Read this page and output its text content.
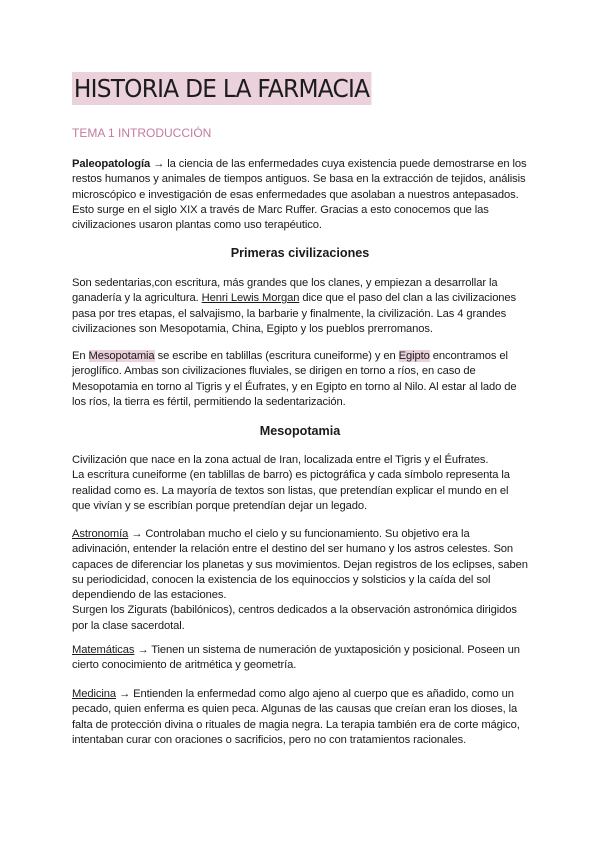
HISTORIA DE LA FARMACIA
TEMA 1 INTRODUCCIÓN

Paleopatología → la ciencia de las enfermedades cuya existencia puede demostrarse en los restos humanos y animales de tiempos antiguos. Se basa en la extracción de tejidos, análisis microscópico e investigación de esas enfermedades que asolaban a nuestros antepasados. Esto surge en el siglo XIX a través de Marc Ruffer. Gracias a esto conocemos que las civilizaciones usaron plantas como uso terapéutico.

Primeras civilizaciones

Son sedentarias,con escritura, más grandes que los clanes, y empiezan a desarrollar la ganadería y la agricultura. Henri Lewis Morgan dice que el paso del clan a las civilizaciones pasa por tres etapas, el salvajismo, la barbarie y finalmente, la civilización. Las 4 grandes civilizaciones son Mesopotamia, China, Egipto y los pueblos prerromanos.

En Mesopotamia se escribe en tablillas (escritura cuneiforme) y en Egipto encontramos el jeroglífico. Ambas son civilizaciones fluviales, se dirigen en torno a ríos, en caso de Mesopotamia en torno al Tigris y el Éufrates, y en Egipto en torno al Nilo. Al estar al lado de los ríos, la tierra es fértil, permitiendo la sedentarización.

Mesopotamia

Civilización que nace en la zona actual de Iran, localizada entre el Tigris y el Éufrates.
La escritura cuneiforme (en tablillas de barro) es pictográfica y cada símbolo representa la realidad como es. La mayoría de textos son listas, que pretendían explicar el mundo en el que vivían y se escribían porque pretendían dejar un legado.

Astronomía → Controlaban mucho el cielo y su funcionamiento. Su objetivo era la adivinación, entender la relación entre el destino del ser humano y los astros celestes. Son capaces de diferenciar los planetas y sus movimientos. Dejan registros de los eclipses, saben su periodicidad, conocen la existencia de los equinoccios y solsticios y la caída del sol dependiendo de las estaciones.
Surgen los Zigurats (babilónicos), centros dedicados a la observación astronómica dirigidos por la clase sacerdotal.

Matemáticas → Tienen un sistema de numeración de yuxtaposición y posicional. Poseen un cierto conocimiento de aritmética y geometría.

Medicina → Entienden la enfermedad como algo ajeno al cuerpo que es añadido, como un pecado, quien enferma es quien peca. Algunas de las causas que creían eran los dioses, la falta de protección divina o rituales de magia negra. La terapia también era de corte mágico, intentaban curar con oraciones o sacrificios, pero no con tratamientos racionales.
